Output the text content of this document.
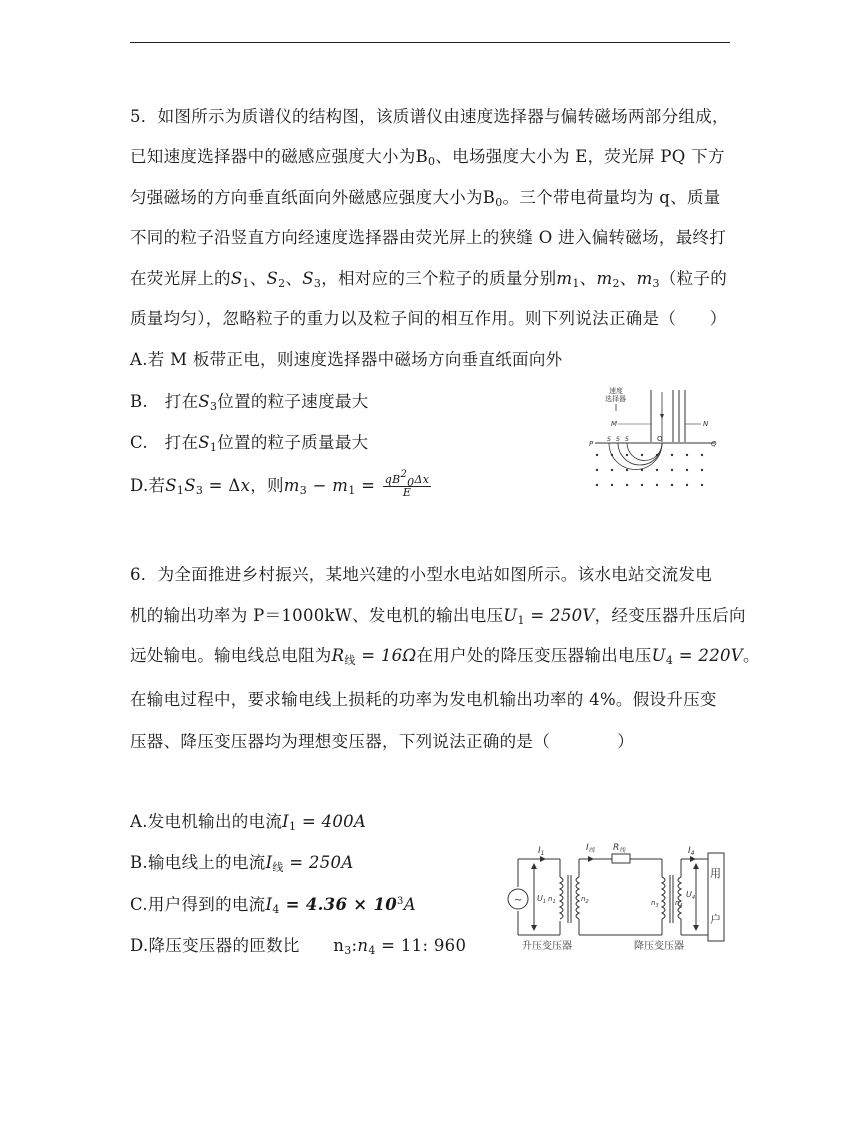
5．如图所示为质谱仪的结构图，该质谱仪由速度选择器与偏转磁场两部分组成，
已知速度选择器中的磁感应强度大小为$B_0$、电场强度大小为 E，荧光屏 PQ 下方
匀强磁场的方向垂直纸面向外磁感应强度大小为$B_0$。三个带电荷量均为 q、质量
不同的粒子沿竖直方向经速度选择器由荧光屏上的狭缝 O 进入偏转磁场，最终打
在荧光屏上的$S_1$、$S_2$、$S_3$，相对应的三个粒子的质量分别$m_1$、$m_2$、$m_3$（粒子的
质量均匀），忽略粒子的重力以及粒子间的相互作用。则下列说法正确是（　　）
A.若 M 板带正电，则速度选择器中磁场方向垂直纸面向外
B.　打在$S_3$位置的粒子速度最大
C.　打在$S_1$位置的粒子质量最大
D.若$S_1S_3 = \Delta x$，则$m_3 - m_1 = \frac{qB^2_0\Delta x}{E}$
速度
选择器
M	N
P	Q
S S S	O
6．为全面推进乡村振兴，某地兴建的小型水电站如图所示。该水电站交流发电
机的输出功率为 P＝1000kW、发电机的输出电压$U_1 = 250V$，经变压器升压后向
远处输电。输电线总电阻为$R_线 = 16\Omega$在用户处的降压变压器输出电压$U_4 = 220V$。
在输电过程中，要求输电线上损耗的功率为发电机输出功率的 4%。假设升压变
压器、降压变压器均为理想变压器，下列说法正确的是（　　　　）
A.发电机输出的电流$I_1 = 400A$
B.输电线上的电流$I_线 = 250A$
C.用户得到的电流$I_4 = 4.36 \times 10^3A$
D.降压变压器的匝数比　　$n_3:n_4 = 11$: 960
~
$I_1$
$I_线$ $R_线$	$I_4$
$U_1$ $n_1$	$n_2$	$n_3$ $n_4$
$U_4$
用
户
升压变压器	降压变压器
